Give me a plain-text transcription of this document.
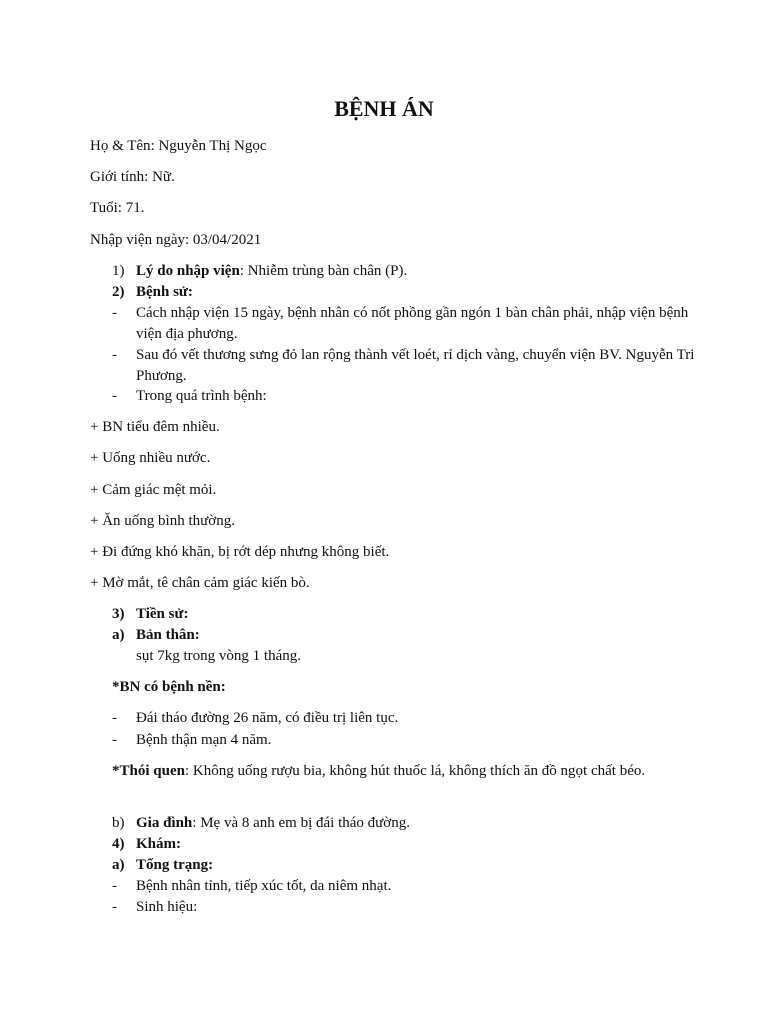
BỆNH ÁN
Họ & Tên: Nguyễn Thị Ngọc
Giới tính: Nữ.
Tuổi: 71.
Nhập viện ngày: 03/04/2021
1) Lý do nhập viện: Nhiễm trùng bàn chân (P).
2) Bệnh sử:
- Cách nhập viện 15 ngày, bệnh nhân có nốt phồng gần ngón 1 bàn chân phải, nhập viện bệnh viện địa phương.
- Sau đó vết thương sưng đỏ lan rộng thành vết loét, rỉ dịch vàng, chuyển viện BV. Nguyễn Tri Phương.
- Trong quá trình bệnh:
+ BN tiểu đêm nhiều.
+ Uống nhiều nước.
+ Cảm giác mệt mỏi.
+ Ăn uống bình thường.
+ Đi đứng khó khăn, bị rớt dép nhưng không biết.
+ Mờ mắt, tê chân cảm giác kiến bò.
3) Tiền sử:
a) Bản thân:
sụt 7kg trong vòng 1 tháng.
*BN có bệnh nền:
- Đái tháo đường 26 năm, có điều trị liên tục.
- Bệnh thận mạn 4 năm.
*Thói quen: Không uống rượu bia, không hút thuốc lá, không thích ăn đồ ngọt chất béo.
b) Gia đình: Mẹ và 8 anh em bị đái tháo đường.
4) Khám:
a) Tổng trạng:
- Bệnh nhân tỉnh, tiếp xúc tốt, da niêm nhạt.
- Sinh hiệu:
